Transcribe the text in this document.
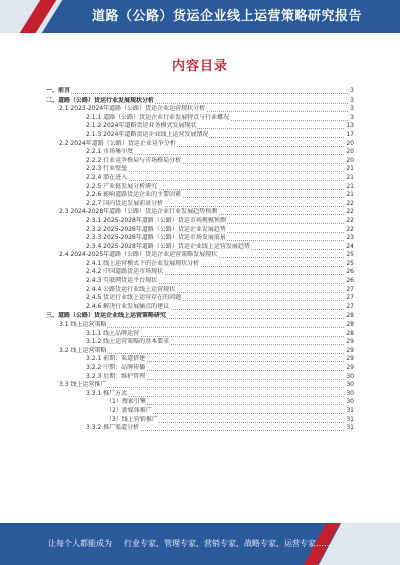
道路（公路）货运企业线上运营策略研究报告
内容目录
一、前言	3
二、道路（公路）货运行业发展现状分析	3
2.1 2023-2024年道路（公路）货运企业运营现状分析	3
2.1.1 道路（公路）货运企业行业发展特点与行业概况	3
2.1.2 2024年道路货运业务模式发展现状	13
2.1.3 2024年道路货运企业线上运营发展情况	17
2.2 2024年道路（公路）货运企业竞争分析	20
2.2.1 市场集中度	20
2.2.2 行业竞争格局与市场格局分析	20
2.2.3 行业壁垒	21
2.2.4 潜在进入	21
2.2.5 产业链发展分析研究	21
2.2.6 影响道路货运企业的主要因素	21
2.2.7 国内货运发展前景分析	22
2.3 2024-2028年道路（公路）货运企业行业发展趋势预测	22
2.3.1 2025-2028年道路（公路）货运市场规模预测	22
2.3.2 2025-2028年道路（公路）货运企业发展趋势	22
2.3.3 2025-2028年道路（公路）货运市场发展前景	23
2.3.4 2025-2028年道路（公路）货运企业线上运营发展趋势	24
2.4 2024-2025年道路（公路）货运企业运营策略发展现状	25
2.4.1 线上运营模式下的企业发展现状分析	25
2.4.2 中国道路货运市场现状	26
2.4.3 互联网货运平台现状	26
2.4.4 公路货运行业线上运营现状	27
2.4.5 货运行业线上运营存在的问题	27
2.4.6 解决行业发展痛点的建议	27
三、道路（公路）货运企业线上运营策略研究	28
3.1 线上运营策略	28
3.1.1 线上品牌运营	28
3.1.2 线上运营策略的基本要求	29
3.2 线上运营策略	29
3.2.1 前期：渠道搭建	29
3.2.2 中期：品牌传播	29
3.2.3 后期：维护管理	30
3.3 线上运营推广	30
3.3.1 推广方式	30
（1）搜索引擎	30
（2）新媒体推广	31
（3）线上营销推广	31
3.3.2 推广渠道分析	31
让每个人都能成为 行业专家、管理专家、营销专家、战略专家、运营专家……
